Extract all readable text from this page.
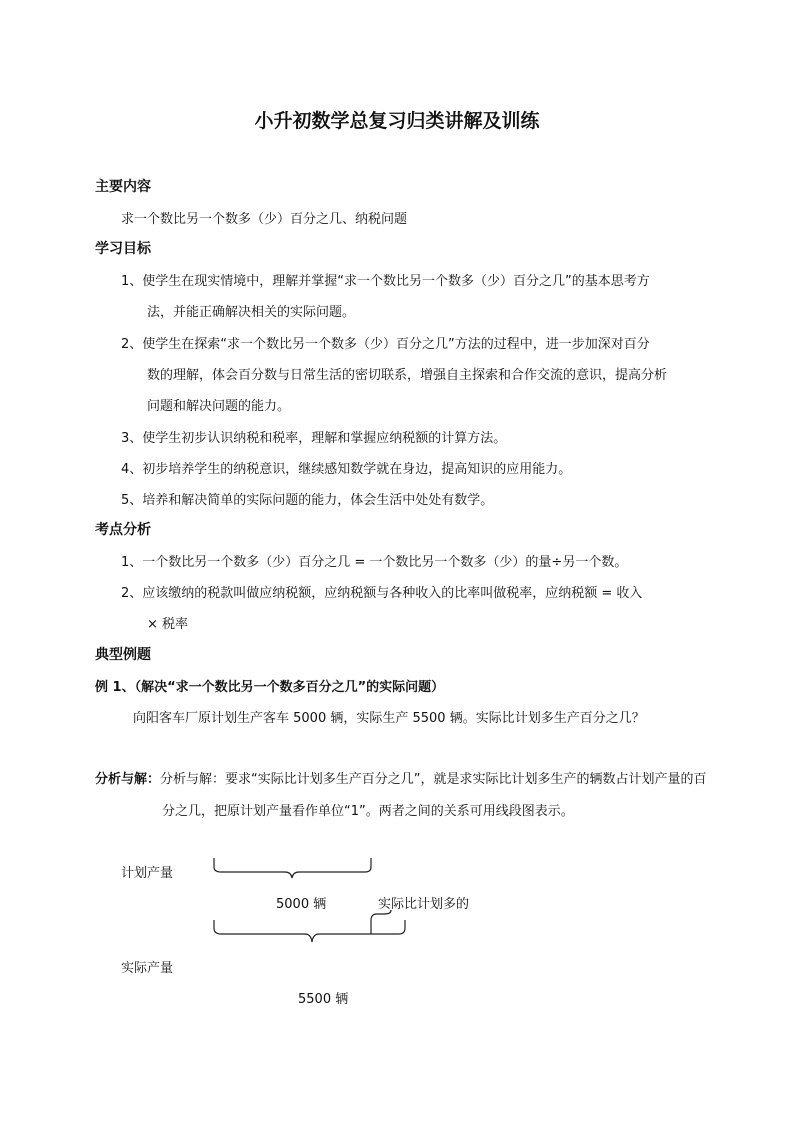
小升初数学总复习归类讲解及训练
主要内容
求一个数比另一个数多（少）百分之几、纳税问题
学习目标
1、使学生在现实情境中，理解并掌握“求一个数比另一个数多（少）百分之几”的基本思考方
法，并能正确解决相关的实际问题。
2、使学生在探索“求一个数比另一个数多（少）百分之几”方法的过程中，进一步加深对百分
数的理解，体会百分数与日常生活的密切联系，增强自主探索和合作交流的意识，提高分析
问题和解决问题的能力。
3、使学生初步认识纳税和税率，理解和掌握应纳税额的计算方法。
4、初步培养学生的纳税意识，继续感知数学就在身边，提高知识的应用能力。
5、培养和解决简单的实际问题的能力，体会生活中处处有数学。
考点分析
1、一个数比另一个数多（少）百分之几 = 一个数比另一个数多（少）的量÷另一个数。
2、应该缴纳的税款叫做应纳税额，应纳税额与各种收入的比率叫做税率，应纳税额 = 收入
× 税率
典型例题
例 1、（解决“求一个数比另一个数多百分之几”的实际问题）
向阳客车厂原计划生产客车 5000 辆，实际生产 5500 辆。实际比计划多生产百分之几？
分析与解：分析与解：要求“实际比计划多生产百分之几”，就是求实际比计划多生产的辆数占计划产量的百
分之几，把原计划产量看作单位“1”。两者之间的关系可用线段图表示。
计划产量
5000 辆	实际比计划多的
实际产量
5500 辆
